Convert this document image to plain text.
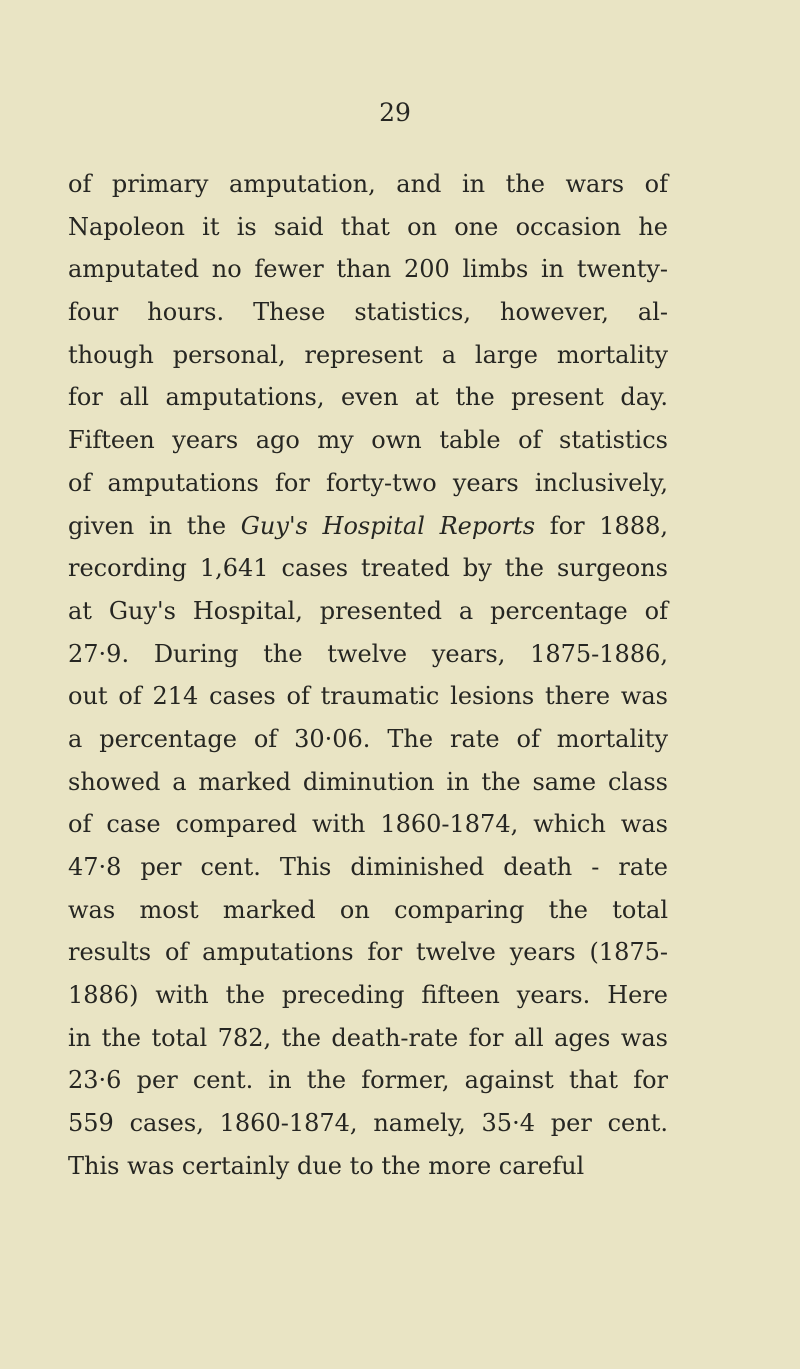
29
of primary amputation, and in the wars of
Napoleon it is said that on one occasion he
amputated no fewer than 200 limbs in twenty-
four hours. These statistics, however, al-
though personal, represent a large mortality
for all amputations, even at the present day.
Fifteen years ago my own table of statistics
of amputations for forty-two years inclusively,
given in the Guy's Hospital Reports for 1888,
recording 1,641 cases treated by the surgeons
at Guy's Hospital, presented a percentage of
27·9. During the twelve years, 1875-1886,
out of 214 cases of traumatic lesions there was
a percentage of 30·06. The rate of mortality
showed a marked diminution in the same class
of case compared with 1860-1874, which was
47·8 per cent. This diminished death - rate
was most marked on comparing the total
results of amputations for twelve years (1875-
1886) with the preceding fifteen years. Here
in the total 782, the death-rate for all ages was
23·6 per cent. in the former, against that for
559 cases, 1860-1874, namely, 35·4 per cent.
This was certainly due to the more careful
